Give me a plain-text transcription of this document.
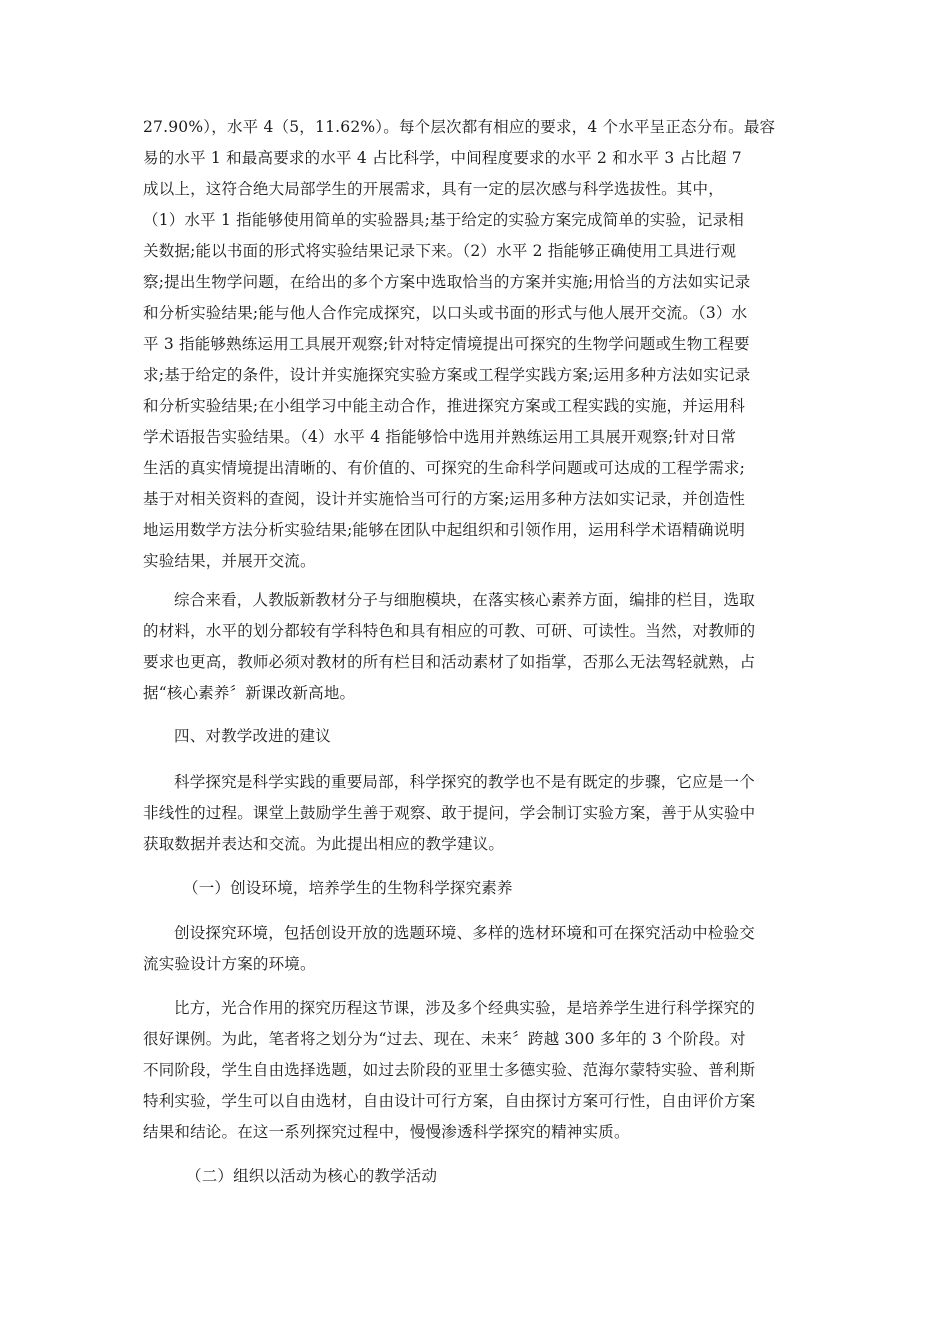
27.90%），水平 4（5，11.62%）。每个层次都有相应的要求，4 个水平呈正态分布。最容
易的水平 1 和最高要求的水平 4 占比科学，中间程度要求的水平 2 和水平 3 占比超 7
成以上，这符合绝大局部学生的开展需求，具有一定的层次感与科学选拔性。其中，
（1）水平 1 指能够使用简单的实验器具;基于给定的实验方案完成简单的实验，记录相
关数据;能以书面的形式将实验结果记录下来。（2）水平 2 指能够正确使用工具进行观
察;提出生物学问题，在给出的多个方案中选取恰当的方案并实施;用恰当的方法如实记录
和分析实验结果;能与他人合作完成探究，以口头或书面的形式与他人展开交流。（3）水
平 3 指能够熟练运用工具展开观察;针对特定情境提出可探究的生物学问题或生物工程要
求;基于给定的条件，设计并实施探究实验方案或工程学实践方案;运用多种方法如实记录
和分析实验结果;在小组学习中能主动合作，推进探究方案或工程实践的实施，并运用科
学术语报告实验结果。（4）水平 4 指能够恰中选用并熟练运用工具展开观察;针对日常
生活的真实情境提出清晰的、有价值的、可探究的生命科学问题或可达成的工程学需求;
基于对相关资料的查阅，设计并实施恰当可行的方案;运用多种方法如实记录，并创造性
地运用数学方法分析实验结果;能够在团队中起组织和引领作用，运用科学术语精确说明
实验结果，并展开交流。
综合来看，人教版新教材分子与细胞模块，在落实核心素养方面，编排的栏目，选取
的材料，水平的划分都较有学科特色和具有相应的可教、可研、可读性。当然，对教师的
要求也更高，教师必须对教材的所有栏目和活动素材了如指掌，否那么无法驾轻就熟，占
据“核心素养〞新课改新高地。
四、对教学改进的建议
科学探究是科学实践的重要局部，科学探究的教学也不是有既定的步骤，它应是一个
非线性的过程。课堂上鼓励学生善于观察、敢于提问，学会制订实验方案，善于从实验中
获取数据并表达和交流。为此提出相应的教学建议。
（一）创设环境，培养学生的生物科学探究素养
创设探究环境，包括创设开放的选题环境、多样的选材环境和可在探究活动中检验交
流实验设计方案的环境。
比方，光合作用的探究历程这节课，涉及多个经典实验，是培养学生进行科学探究的
很好课例。为此，笔者将之划分为“过去、现在、未来〞跨越 300 多年的 3 个阶段。对
不同阶段，学生自由选择选题，如过去阶段的亚里士多德实验、范海尔蒙特实验、普利斯
特利实验，学生可以自由选材，自由设计可行方案，自由探讨方案可行性，自由评价方案
结果和结论。在这一系列探究过程中，慢慢渗透科学探究的精神实质。
（二）组织以活动为核心的教学活动
